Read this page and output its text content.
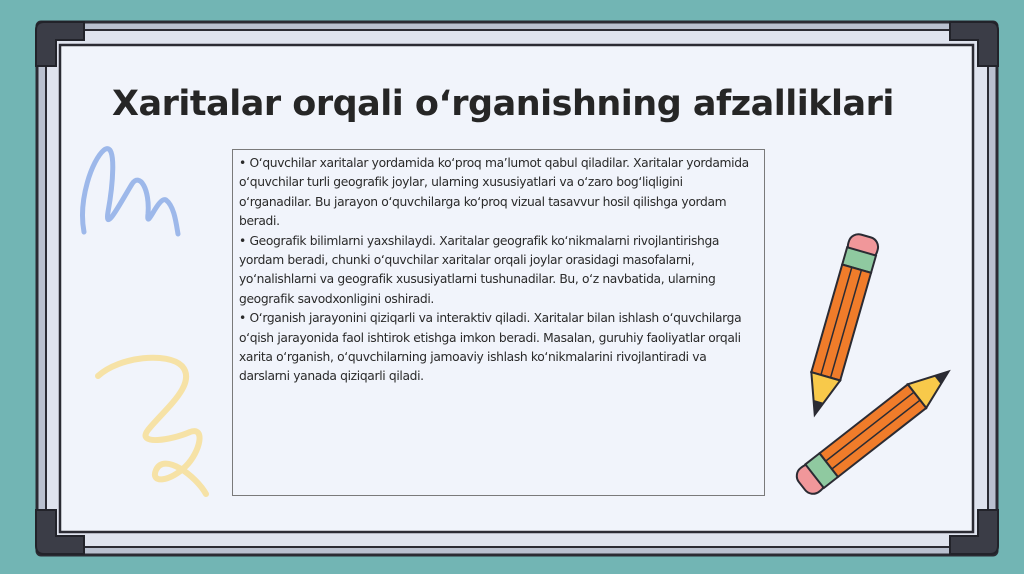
Xaritalar orqali o‘rganishning afzalliklari

• O‘quvchilar xaritalar yordamida ko‘proq ma’lumot qabul qiladilar. Xaritalar yordamida o‘quvchilar turli geografik joylar, ularning xususiyatlari va o‘zaro bog‘liqligini o‘rganadilar. Bu jarayon o‘quvchilarga ko‘proq vizual tasavvur hosil qilishga yordam beradi.

• Geografik bilimlarni yaxshilaydi. Xaritalar geografik ko‘nikmalarni rivojlantirishga yordam beradi, chunki o‘quvchilar xaritalar orqali joylar orasidagi masofalarni, yo‘nalishlarni va geografik xususiyatlarni tushunadilar. Bu, o‘z navbatida, ularning geografik savodxonligini oshiradi.

• O‘rganish jarayonini qiziqarli va interaktiv qiladi. Xaritalar bilan ishlash o‘quvchilarga o‘qish jarayonida faol ishtirok etishga imkon beradi. Masalan, guruhiy faoliyatlar orqali xarita o‘rganish, o‘quvchilarning jamoaviy ishlash ko‘nikmalarini rivojlantiradi va darslarni yanada qiziqarli qiladi.
